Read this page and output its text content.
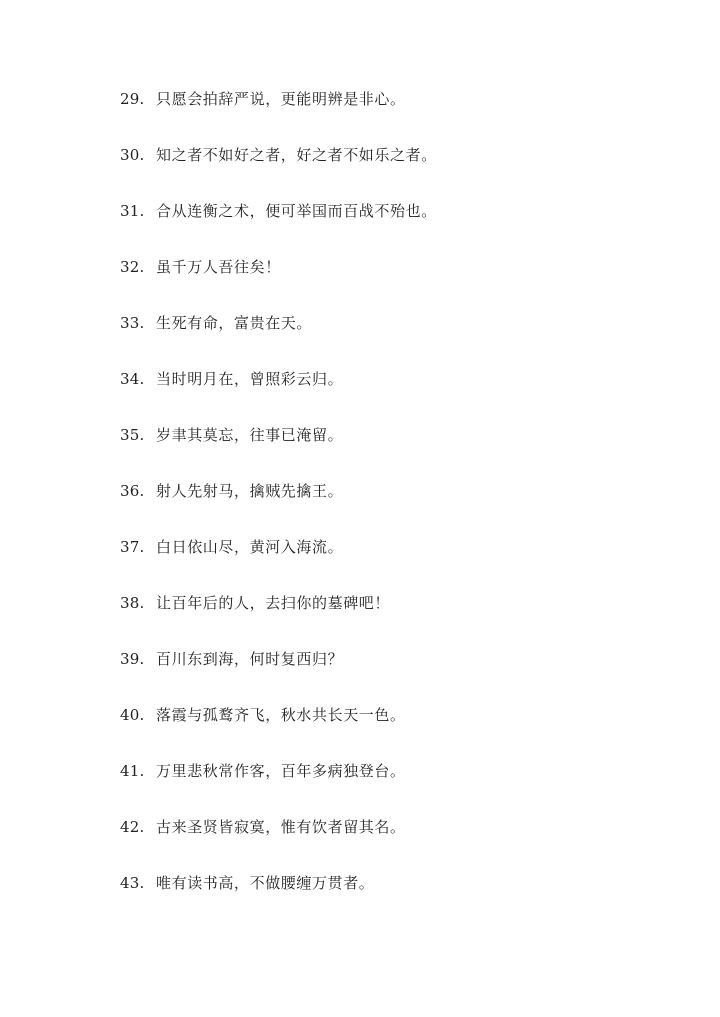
29. 只愿会拍辞严说，更能明辨是非心。
30. 知之者不如好之者，好之者不如乐之者。
31. 合从连衡之术，便可举国而百战不殆也。
32. 虽千万人吾往矣！
33. 生死有命，富贵在天。
34. 当时明月在，曾照彩云归。
35. 岁聿其莫忘，往事已淹留。
36. 射人先射马，擒贼先擒王。
37. 白日依山尽，黄河入海流。
38. 让百年后的人，去扫你的墓碑吧！
39. 百川东到海，何时复西归？
40. 落霞与孤鹜齐飞，秋水共长天一色。
41. 万里悲秋常作客，百年多病独登台。
42. 古来圣贤皆寂寞，惟有饮者留其名。
43. 唯有读书高，不做腰缠万贯者。
